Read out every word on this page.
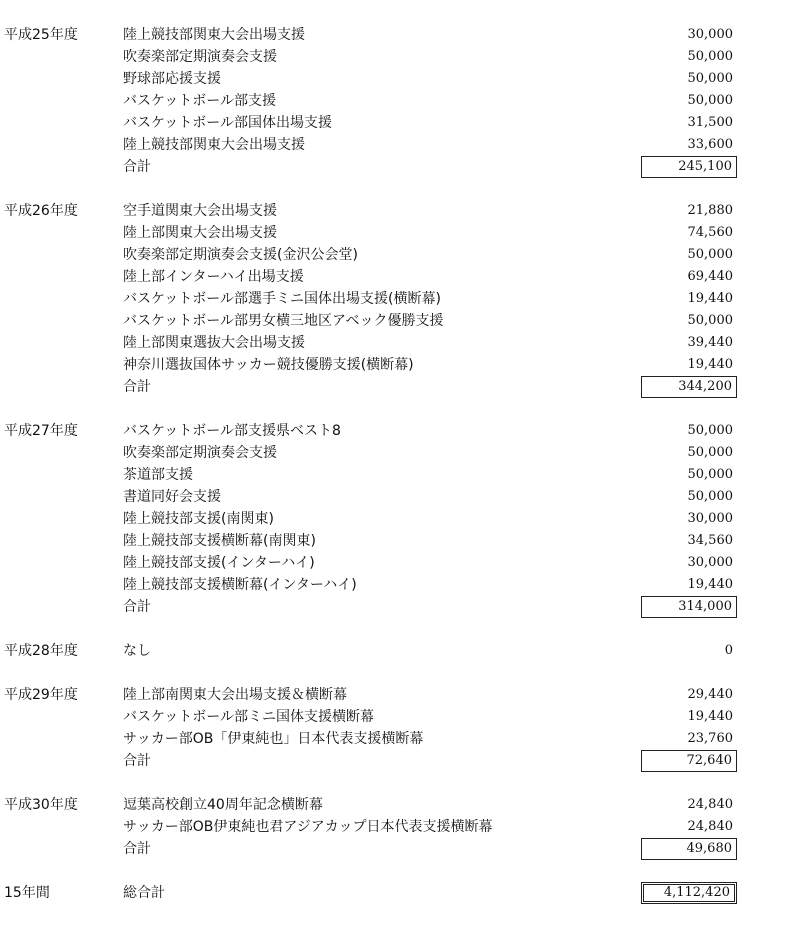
平成25年度	陸上競技部関東大会出場支援	30,000
吹奏楽部定期演奏会支援	50,000
野球部応援支援	50,000
バスケットボール部支援	50,000
バスケットボール部国体出場支援	31,500
陸上競技部関東大会出場支援	33,600
合計	245,100
平成26年度	空手道関東大会出場支援	21,880
陸上部関東大会出場支援	74,560
吹奏楽部定期演奏会支援(金沢公会堂)	50,000
陸上部インターハイ出場支援	69,440
バスケットボール部選手ミニ国体出場支援(横断幕)	19,440
バスケットボール部男女横三地区アベック優勝支援	50,000
陸上部関東選抜大会出場支援	39,440
神奈川選抜国体サッカー競技優勝支援(横断幕)	19,440
合計	344,200
平成27年度	バスケットボール部支援県ベスト8	50,000
吹奏楽部定期演奏会支援	50,000
茶道部支援	50,000
書道同好会支援	50,000
陸上競技部支援(南関東)	30,000
陸上競技部支援横断幕(南関東)	34,560
陸上競技部支援(インターハイ)	30,000
陸上競技部支援横断幕(インターハイ)	19,440
合計	314,000
平成28年度	なし	0
平成29年度	陸上部南関東大会出場支援＆横断幕	29,440
バスケットボール部ミニ国体支援横断幕	19,440
サッカー部OB「伊東純也」日本代表支援横断幕	23,760
合計	72,640
平成30年度	逗葉高校創立40周年記念横断幕	24,840
サッカー部OB伊東純也君アジアカップ日本代表支援横断幕	24,840
合計	49,680
15年間	総合計	4,112,420
